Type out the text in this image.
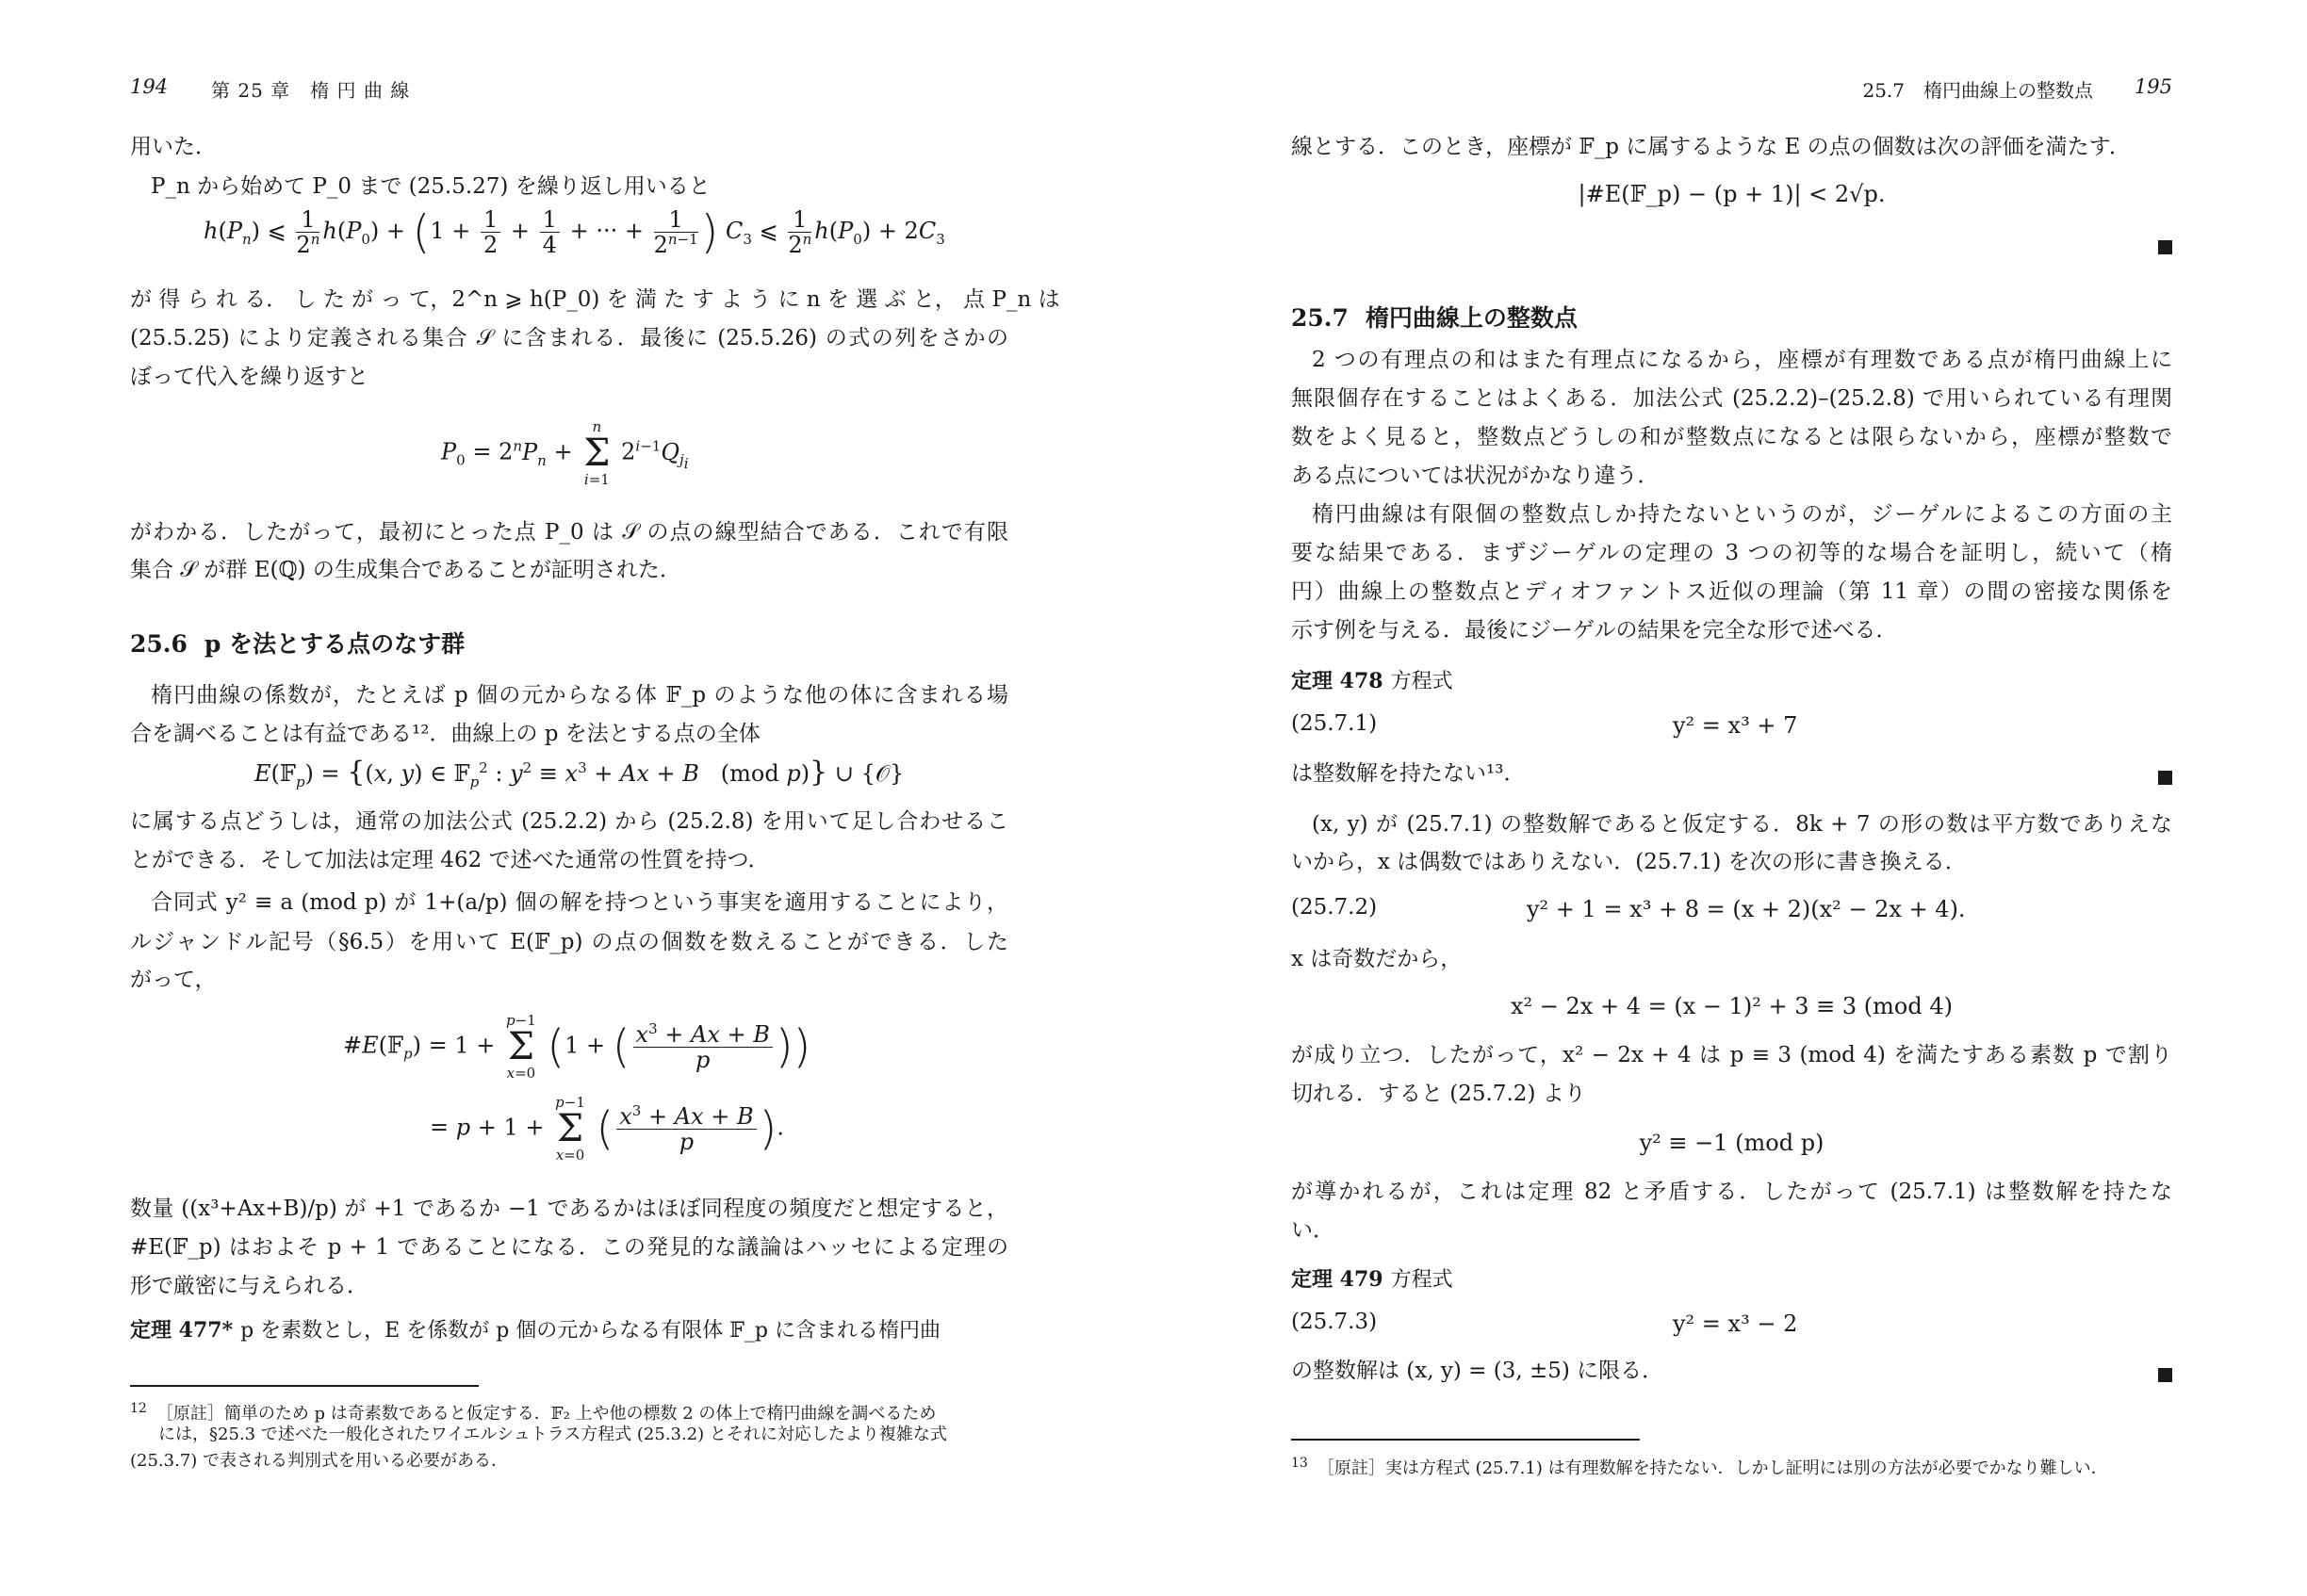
194 第 25 章　楕 円 曲 線
用いた．
P_n から始めて P_0 まで (25.5.27) を繰り返し用いると
$h(P_n)$ ⩽ $\frac{1}{2^n} h(P_0) + (1 + \frac{1}{2} + \frac{1}{4}$ + ··· + $\frac{1}{2^{n-1}}$ ) $C_3$ ⩽ $\frac{1}{2^n} h(P_0) + 2C_3$
が 得 ら れ る． し た が っ て，2^n ⩾ h(P_0) を 満 た す よ う に n を 選 ぶ と， 点 P_n は
(25.5.25) により定義される集合 𝒮 に含まれる．最後に (25.5.26) の式の列をさかの
ぼって代入を繰り返すと
$P_0 = 2^nP_n$ +
n
Σ
i=1
$2^{i-1}Q_{j_i}$
がわかる．したがって，最初にとった点 P_0 は 𝒮 の点の線型結合である．これで有限
集合 𝒮 が群 E(ℚ) の生成集合であることが証明された．
25.6 p を法とする点のなす群
楕円曲線の係数が，たとえば p 個の元からなる体 𝔽_p のような他の体に含まれる場
合を調べることは有益である¹²．曲線上の p を法とする点の全体
E(𝔽$_p$) = {(x, y) ∈ 𝔽$_p^2$ : $y^2 \equiv x^3 + Ax + B$   (mod p)} ∪ {𝒪}
に属する点どうしは，通常の加法公式 (25.2.2) から (25.2.8) を用いて足し合わせるこ
とができる．そして加法は定理 462 で述べた通常の性質を持つ．
合同式 y² ≡ a (mod p) が 1+(a/p) 個の解を持つという事実を適用することにより，
ルジャンドル記号（§6.5）を用いて E(𝔽_p) の点の個数を数えることができる．した
がって，
#E(𝔽$_p$) = 1 +
p−1
Σ
x=0 (1 + ( $\frac{x^3 + Ax + B}{p}$ ))
= p + 1 +
p−1
Σ
x=0 ( $\frac{x^3 + Ax + B}{p}$ ).
数量 ((x³+Ax+B)/p) が +1 であるか −1 であるかはほぼ同程度の頻度だと想定すると，
#E(𝔽_p) はおよそ p + 1 であることになる．この発見的な議論はハッセによる定理の
形で厳密に与えられる．
定理 477* p を素数とし，E を係数が p 個の元からなる有限体 𝔽_p に含まれる楕円曲
$^{12}$ ［原註］簡単のため p は奇素数であると仮定する．𝔽₂ 上や他の標数 2 の体上で楕円曲線を調べるため
には，§25.3 で述べた一般化されたワイエルシュトラス方程式 (25.3.2) とそれに対応したより複雑な式
(25.3.7) で表される判別式を用いる必要がある．
25.7　楕円曲線上の整数点 195
線とする．このとき，座標が 𝔽_p に属するような E の点の個数は次の評価を満たす．
|#E(𝔽_p) − (p + 1)| < 2√p.
25.7 楕円曲線上の整数点
2 つの有理点の和はまた有理点になるから，座標が有理数である点が楕円曲線上に
無限個存在することはよくある．加法公式 (25.2.2)–(25.2.8) で用いられている有理関
数をよく見ると，整数点どうしの和が整数点になるとは限らないから，座標が整数で
ある点については状況がかなり違う．
楕円曲線は有限個の整数点しか持たないというのが，ジーゲルによるこの方面の主
要な結果である．まずジーゲルの定理の 3 つの初等的な場合を証明し，続いて（楕
円）曲線上の整数点とディオファントス近似の理論（第 11 章）の間の密接な関係を
示す例を与える．最後にジーゲルの結果を完全な形で述べる．
定理 478 方程式
(25.7.1)	y² = x³ + 7
は整数解を持たない¹³．
(x, y) が (25.7.1) の整数解であると仮定する．8k + 7 の形の数は平方数でありえな
いから，x は偶数ではありえない．(25.7.1) を次の形に書き換える．
(25.7.2)	y² + 1 = x³ + 8 = (x + 2)(x² − 2x + 4).
x は奇数だから，
x² − 2x + 4 = (x − 1)² + 3 ≡ 3 (mod 4)
が成り立つ．したがって，x² − 2x + 4 は p ≡ 3 (mod 4) を満たすある素数 p で割り
切れる．すると (25.7.2) より
y² ≡ −1 (mod p)
が導かれるが，これは定理 82 と矛盾する．したがって (25.7.1) は整数解を持たな
い．
定理 479 方程式
(25.7.3)	y² = x³ − 2
の整数解は (x, y) = (3, ±5) に限る．
$^{13}$ ［原註］実は方程式 (25.7.1) は有理数解を持たない．しかし証明には別の方法が必要でかなり難しい．
